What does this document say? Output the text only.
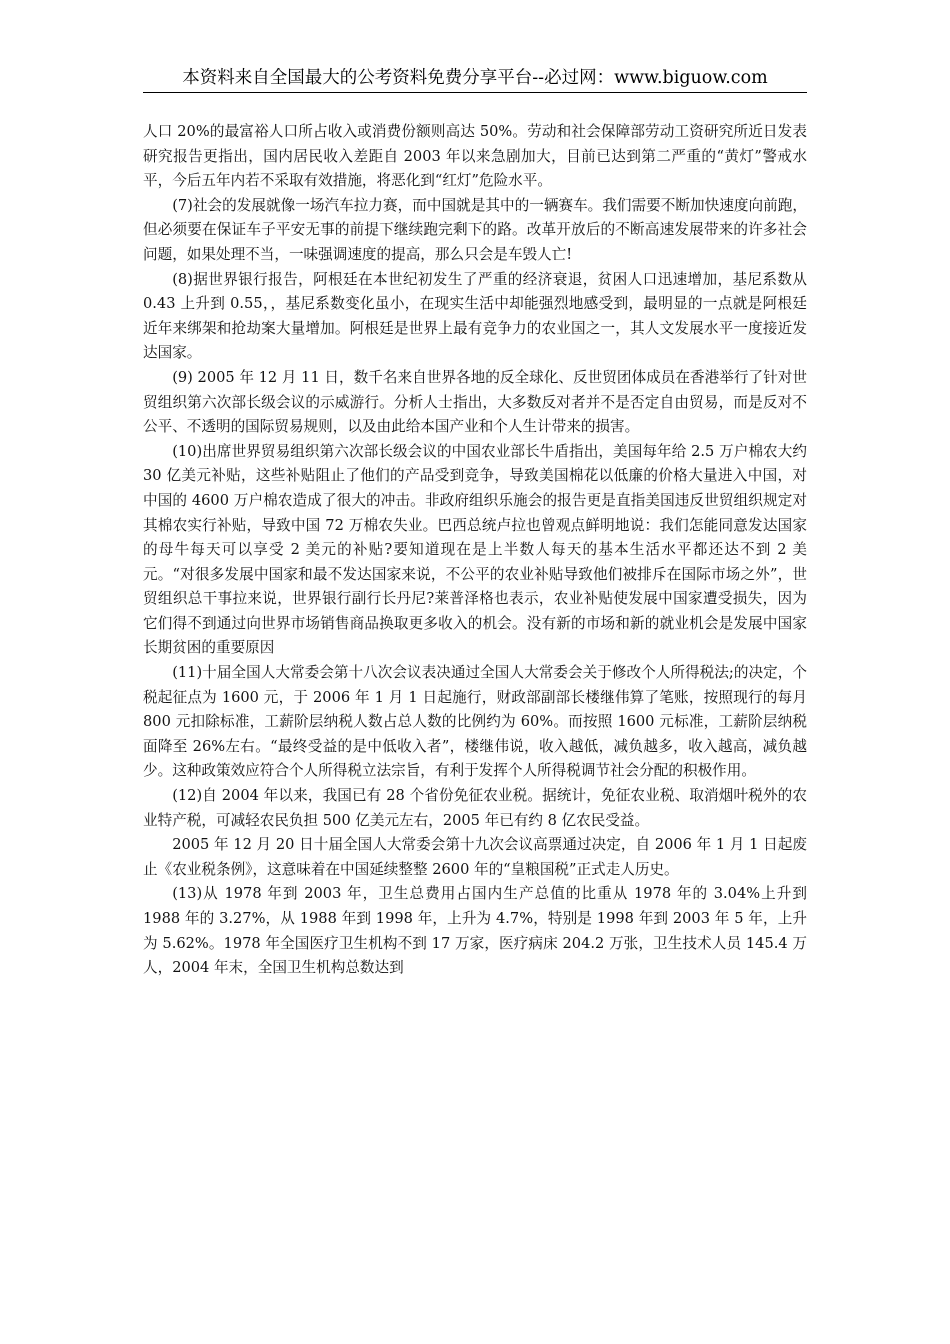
本资料来自全国最大的公考资料免费分享平台--必过网：www.biguow.com

人口 20%的最富裕人口所占收入或消费份额则高达 50%。劳动和社会保障部劳动工资研究所近日发表研究报告更指出，国内居民收入差距自 2003 年以来急剧加大，目前已达到第二严重的“黄灯”警戒水平，今后五年内若不采取有效措施，将恶化到“红灯”危险水平。

(7)社会的发展就像一场汽车拉力赛，而中国就是其中的一辆赛车。我们需要不断加快速度向前跑，但必须要在保证车子平安无事的前提下继续跑完剩下的路。改革开放后的不断高速发展带来的许多社会问题，如果处理不当，一味强调速度的提高，那么只会是车毁人亡!

(8)据世界银行报告，阿根廷在本世纪初发生了严重的经济衰退，贫困人口迅速增加，基尼系数从 0.43 上升到 0.55，，基尼系数变化虽小，在现实生活中却能强烈地感受到，最明显的一点就是阿根廷近年来绑架和抢劫案大量增加。阿根廷是世界上最有竞争力的农业国之一，其人文发展水平一度接近发达国家。

(9) 2005 年 12 月 11 日，数千名来自世界各地的反全球化、反世贸团体成员在香港举行了针对世贸组织第六次部长级会议的示威游行。分析人士指出，大多数反对者并不是否定自由贸易，而是反对不公平、不透明的国际贸易规则，以及由此给本国产业和个人生计带来的损害。

(10)出席世界贸易组织第六次部长级会议的中国农业部长牛盾指出，美国每年给 2.5 万户棉农大约 30 亿美元补贴，这些补贴阻止了他们的产品受到竞争，导致美国棉花以低廉的价格大量进入中国，对中国的 4600 万户棉农造成了很大的冲击。非政府组织乐施会的报告更是直指美国违反世贸组织规定对其棉农实行补贴，导致中国 72 万棉农失业。巴西总统卢拉也曾观点鲜明地说：我们怎能同意发达国家的母牛每天可以享受 2 美元的补贴?要知道现在是上半数人每天的基本生活水平都还达不到 2 美元。“对很多发展中国家和最不发达国家来说，不公平的农业补贴导致他们被排斥在国际市场之外”，世贸组织总干事拉来说，世界银行副行长丹尼?莱普泽格也表示，农业补贴使发展中国家遭受损失，因为它们得不到通过向世界市场销售商品换取更多收入的机会。没有新的市场和新的就业机会是发展中国家长期贫困的重要原因

(11)十届全国人大常委会第十八次会议表决通过全国人大常委会关于修改个人所得税法;的决定，个税起征点为 1600 元，于 2006 年 1 月 1 日起施行，财政部副部长楼继伟算了笔账，按照现行的每月 800 元扣除标准，工薪阶层纳税人数占总人数的比例约为 60%。而按照 1600 元标准，工薪阶层纳税面降至 26%左右。“最终受益的是中低收入者”，楼继伟说，收入越低，减负越多，收入越高，减负越少。这种政策效应符合个人所得税立法宗旨，有利于发挥个人所得税调节社会分配的积极作用。

(12)自 2004 年以来，我国已有 28 个省份免征农业税。据统计，免征农业税、取消烟叶税外的农业特产税，可减轻农民负担 500 亿美元左右，2005 年已有约 8 亿农民受益。

2005 年 12 月 20 日十届全国人大常委会第十九次会议高票通过决定，自 2006 年 1 月 1 日起废止《农业税条例》，这意味着在中国延续整整 2600 年的“皇粮国税”正式走人历史。

(13)从 1978 年到 2003 年，卫生总费用占国内生产总值的比重从 1978 年的 3.04%上升到 1988 年的 3.27%，从 1988 年到 1998 年，上升为 4.7%，特别是 1998 年到 2003 年 5 年，上升为 5.62%。1978 年全国医疗卫生机构不到 17 万家，医疗病床 204.2 万张，卫生技术人员 145.4 万人，2004 年末，全国卫生机构总数达到
